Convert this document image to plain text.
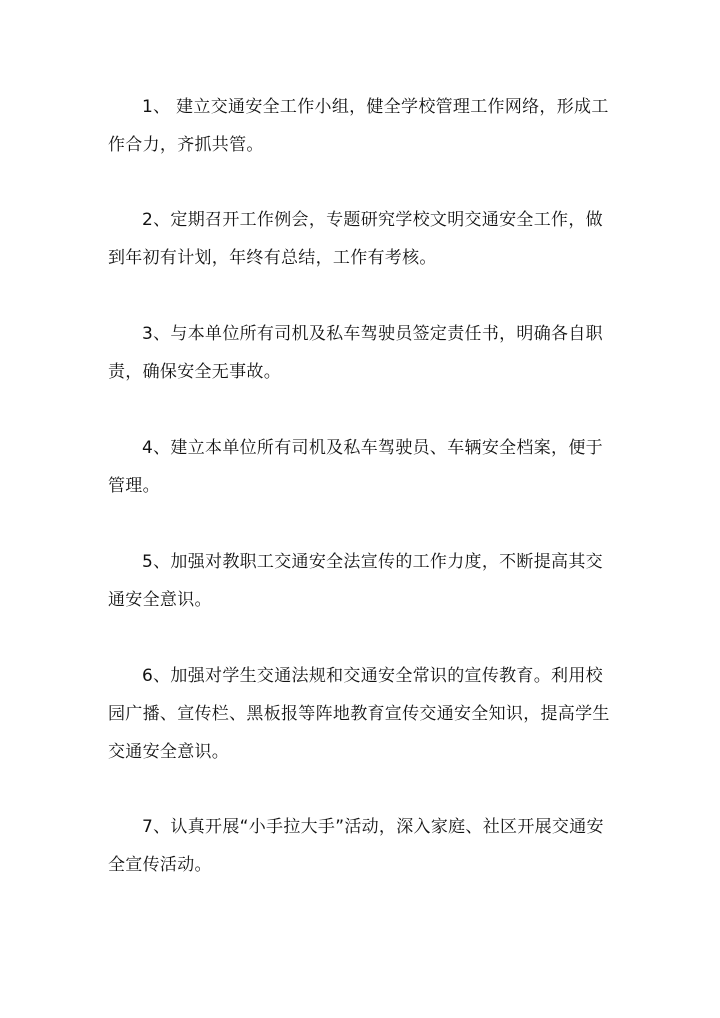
1、 建立交通安全工作小组，健全学校管理工作网络，形成工作合力，齐抓共管。

2、定期召开工作例会，专题研究学校文明交通安全工作，做到年初有计划，年终有总结，工作有考核。

3、与本单位所有司机及私车驾驶员签定责任书，明确各自职责，确保安全无事故。

4、建立本单位所有司机及私车驾驶员、车辆安全档案，便于管理。

5、加强对教职工交通安全法宣传的工作力度，不断提高其交通安全意识。

6、加强对学生交通法规和交通安全常识的宣传教育。利用校园广播、宣传栏、黑板报等阵地教育宣传交通安全知识，提高学生交通安全意识。

7、认真开展“小手拉大手”活动，深入家庭、社区开展交通安全宣传活动。
